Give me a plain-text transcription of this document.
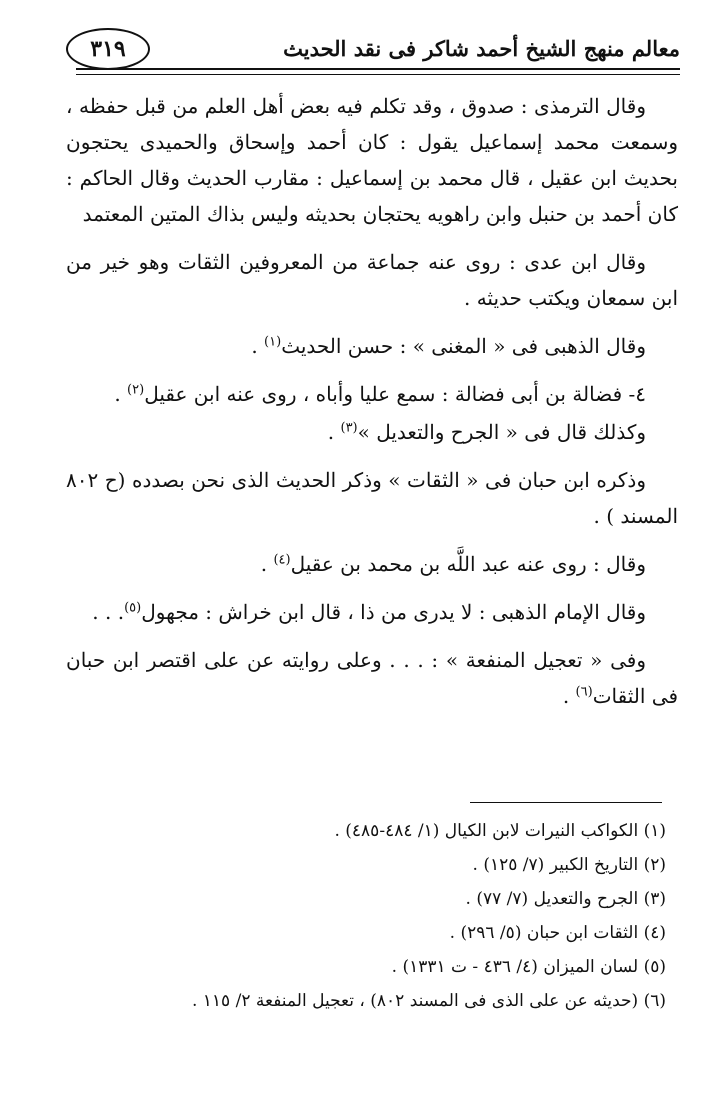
معالم منهج الشيخ أحمد شاكر فى نقد الحديث
٣١٩

وقال الترمذى : صدوق ، وقد تكلم فيه بعض أهل العلم من قبل حفظه ، وسمعت محمد إسماعيل يقول : كان أحمد وإسحاق والحميدى يحتجون بحديث ابن عقيل ، قال محمد بن إسماعيل : مقارب الحديث وقال الحاكم : كان أحمد بن حنبل وابن راهويه يحتجان بحديثه وليس بذاك المتين المعتمد

وقال ابن عدى : روى عنه جماعة من المعروفين الثقات وهو خير من ابن سمعان ويكتب حديثه .

وقال الذهبى فى « المغنى » : حسن الحديث$^{(١)}$ .

٤- فضالة بن أبى فضالة : سمع عليا وأباه ، روى عنه ابن عقيل$^{(٢)}$ .

وكذلك قال فى « الجرح والتعديل »$^{(٣)}$ .

وذكره ابن حبان فى « الثقات » وذكر الحديث الذى نحن بصدده (ح ٨٠٢ المسند ) .

وقال : روى عنه عبد اللَّه بن محمد بن عقيل$^{(٤)}$ .

وقال الإمام الذهبى : لا يدرى من ذا ، قال ابن خراش : مجهول$^{(٥)}$. . .

وفى « تعجيل المنفعة » : . . . وعلى روايته عن على اقتصر ابن حبان فى الثقات$^{(٦)}$ .

(١) الكواكب النيرات لابن الكيال (١/ ٤٨٤-٤٨٥) .
(٢) التاريخ الكبير (٧/ ١٢٥) .
(٣) الجرح والتعديل (٧/ ٧٧) .
(٤) الثقات ابن حبان (٥/ ٢٩٦) .
(٥) لسان الميزان (٤/ ٤٣٦ - ت ١٣٣١) .
(٦) (حديثه عن على الذى فى المسند ٨٠٢) ، تعجيل المنفعة ٢/ ١١٥ .
